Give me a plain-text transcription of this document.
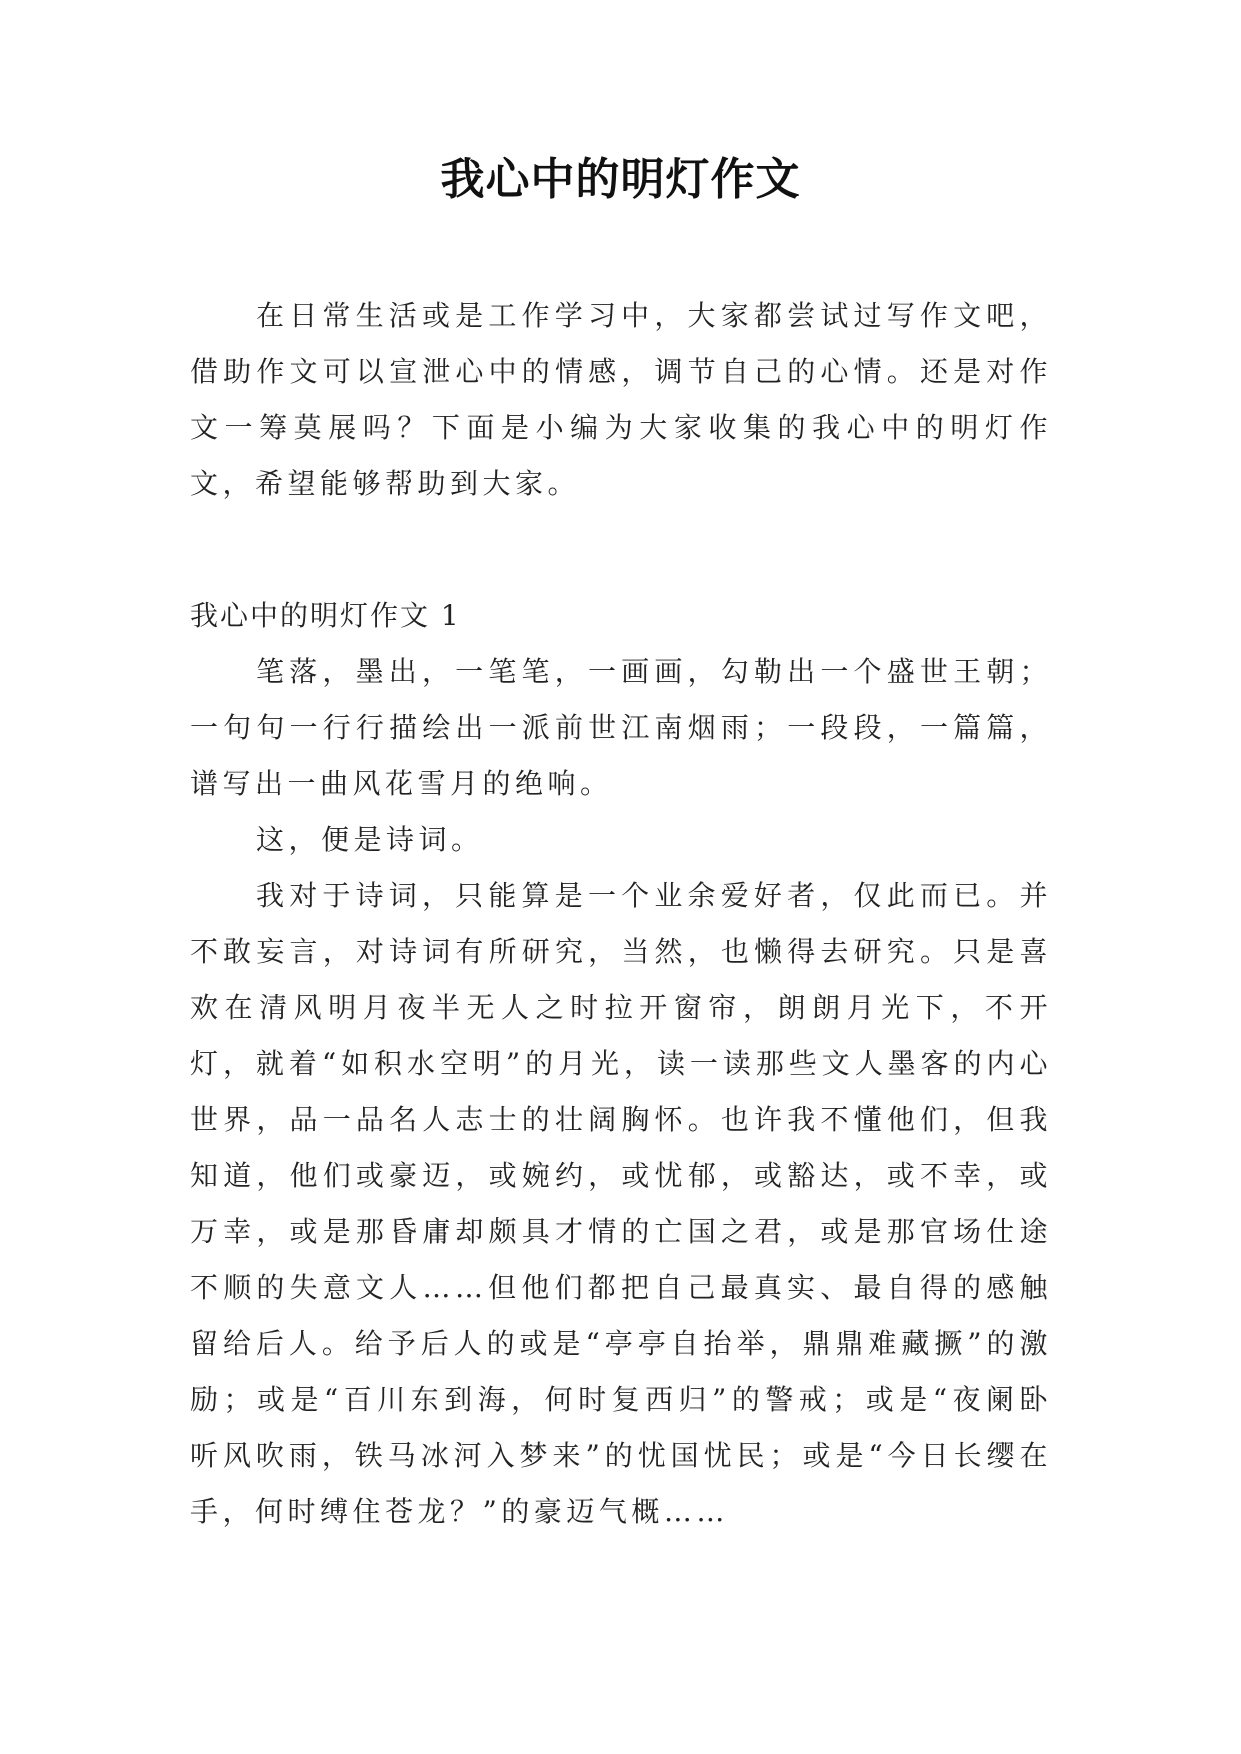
我心中的明灯作文

在日常生活或是工作学习中，大家都尝试过写作文吧，借助作文可以宣泄心中的情感，调节自己的心情。还是对作文一筹莫展吗？下面是小编为大家收集的我心中的明灯作文，希望能够帮助到大家。

我心中的明灯作文 1

笔落，墨出，一笔笔，一画画，勾勒出一个盛世王朝；一句句一行行描绘出一派前世江南烟雨；一段段，一篇篇，谱写出一曲风花雪月的绝响。

这，便是诗词。

我对于诗词，只能算是一个业余爱好者，仅此而已。并不敢妄言，对诗词有所研究，当然，也懒得去研究。只是喜欢在清风明月夜半无人之时拉开窗帘，朗朗月光下，不开灯，就着“如积水空明”的月光，读一读那些文人墨客的内心世界，品一品名人志士的壮阔胸怀。也许我不懂他们，但我知道，他们或豪迈，或婉约，或忧郁，或豁达，或不幸，或万幸，或是那昏庸却颇具才情的亡国之君，或是那官场仕途不顺的失意文人……但他们都把自己最真实、最自得的感触留给后人。给予后人的或是“亭亭自抬举，鼎鼎难藏撅”的激励；或是“百川东到海，何时复西归”的警戒；或是“夜阑卧听风吹雨，铁马冰河入梦来”的忧国忧民；或是“今日长缨在手，何时缚住苍龙？”的豪迈气概……
